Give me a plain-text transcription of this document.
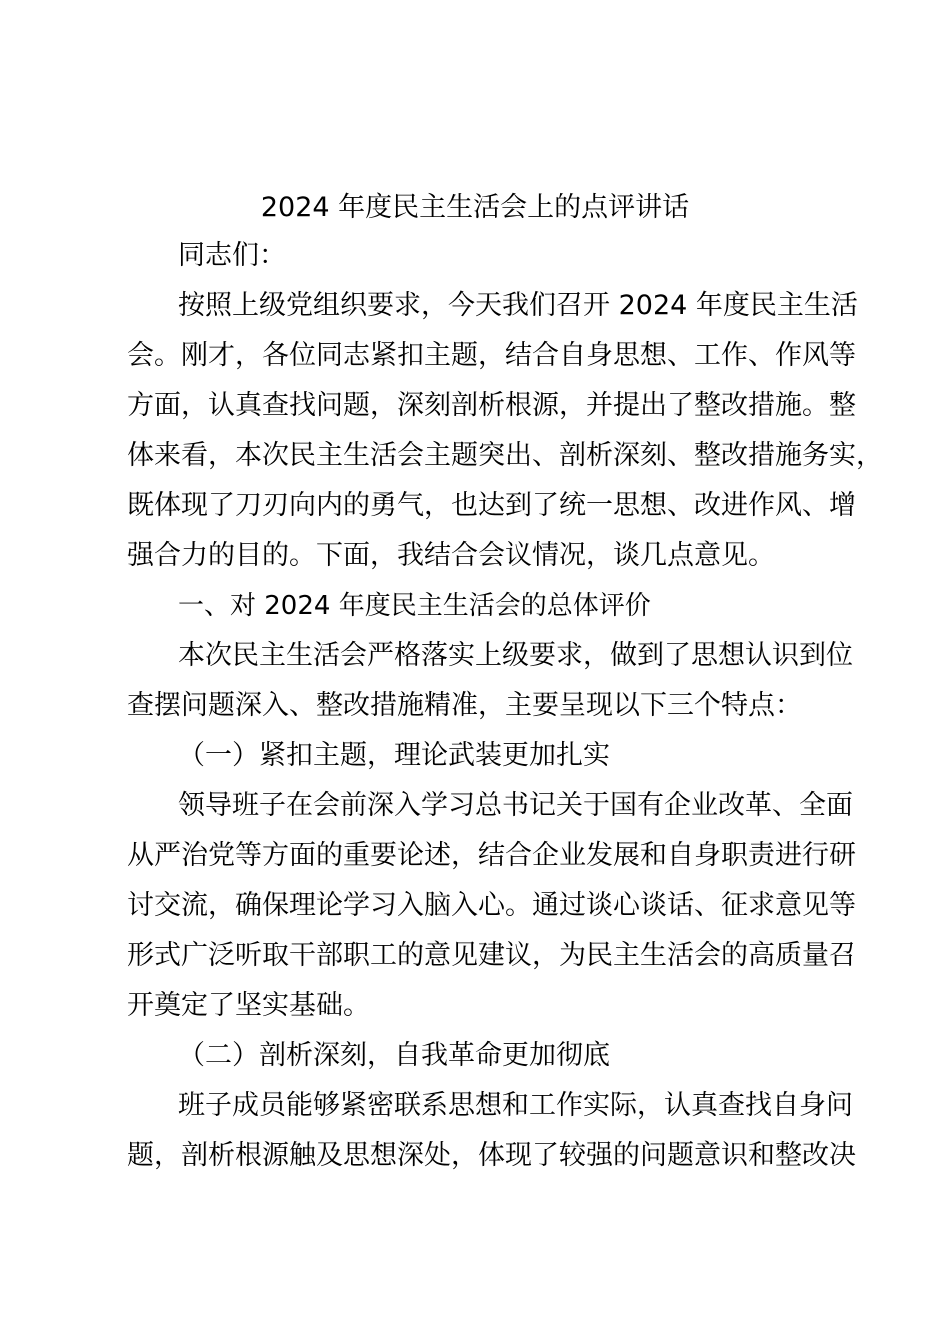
2024 年度民主生活会上的点评讲话

同志们：

按照上级党组织要求，今天我们召开 2024 年度民主生活

会。刚才，各位同志紧扣主题，结合自身思想、工作、作风等

方面，认真查找问题，深刻剖析根源，并提出了整改措施。整

体来看，本次民主生活会主题突出、剖析深刻、整改措施务实，

既体现了刀刃向内的勇气，也达到了统一思想、改进作风、增

强合力的目的。下面，我结合会议情况，谈几点意见。

一、对 2024 年度民主生活会的总体评价

本次民主生活会严格落实上级要求，做到了思想认识到位

查摆问题深入、整改措施精准，主要呈现以下三个特点：

（一）紧扣主题，理论武装更加扎实

领导班子在会前深入学习总书记关于国有企业改革、全面

从严治党等方面的重要论述，结合企业发展和自身职责进行研

讨交流，确保理论学习入脑入心。通过谈心谈话、征求意见等

形式广泛听取干部职工的意见建议，为民主生活会的高质量召

开奠定了坚实基础。

（二）剖析深刻，自我革命更加彻底

班子成员能够紧密联系思想和工作实际，认真查找自身问

题，剖析根源触及思想深处，体现了较强的问题意识和整改决
